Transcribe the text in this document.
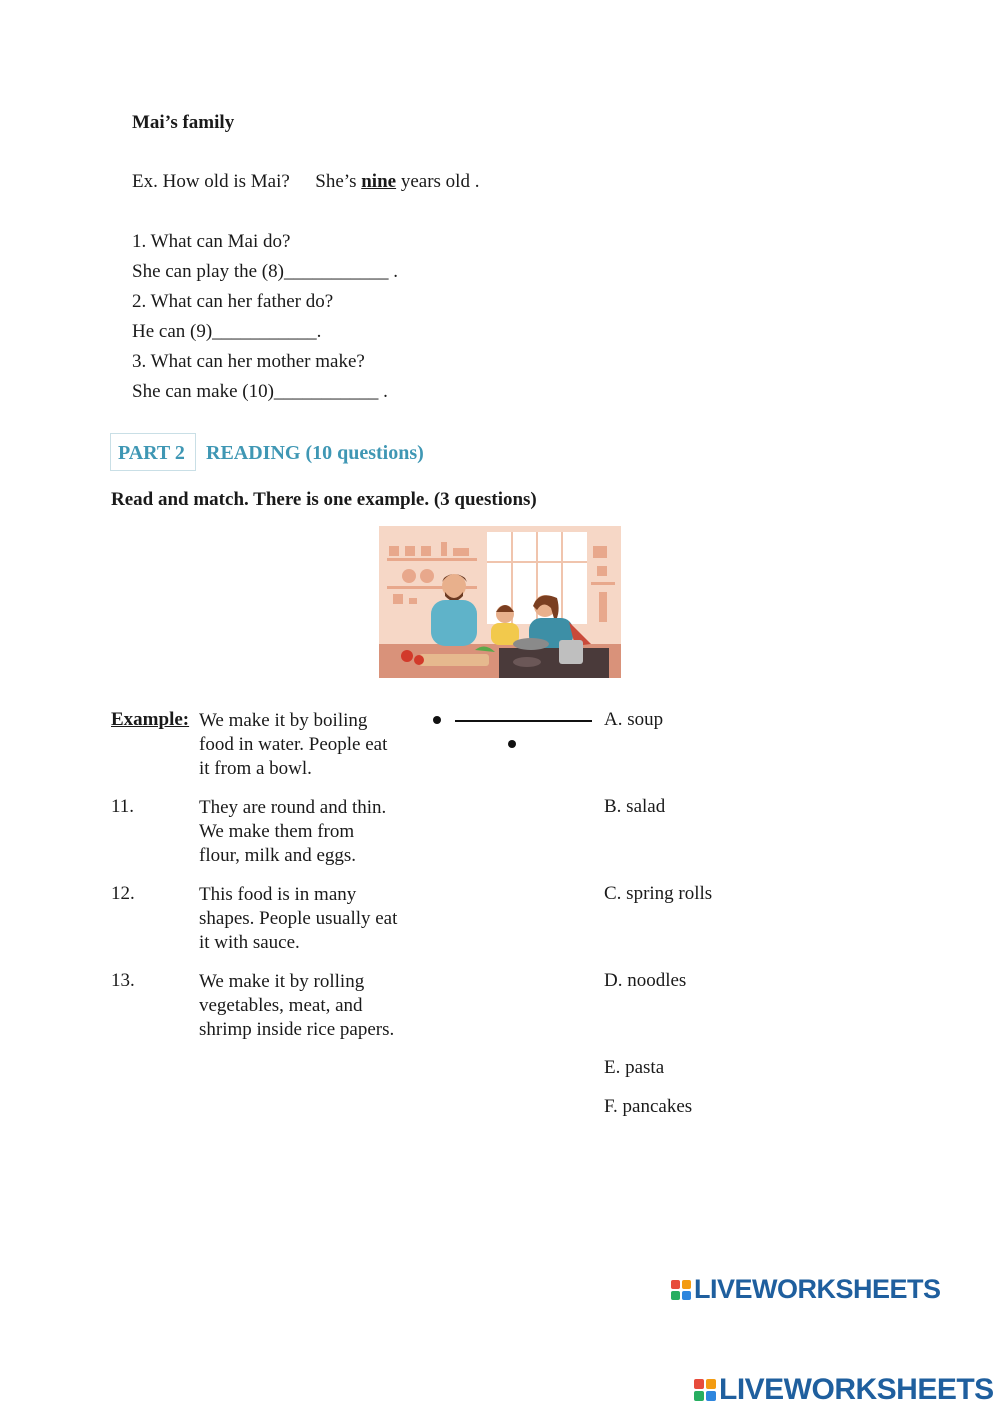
Mai’s family
Ex. How old is Mai? She’s nine years old .
1. What can Mai do?
She can play the (8)___________ .
2. What can her father do?
He can (9)___________.
3. What can her mother make?
She can make (10)___________ .
PART 2 READING (10 questions)
Read and match. There is one example. (3 questions)
Example: We make it by boiling
food in water. People eat
it from a bowl.
11.	They are round and thin.
We make them from
flour, milk and eggs.
12.	This food is in many
shapes. People usually eat
it with sauce.
13.	We make it by rolling
vegetables, meat, and
shrimp inside rice papers.
A. soup
B. salad
C. spring rolls
D. noodles
E. pasta
F. pancakes
LIVEWORKSHEETS
LIVEWORKSHEETS
